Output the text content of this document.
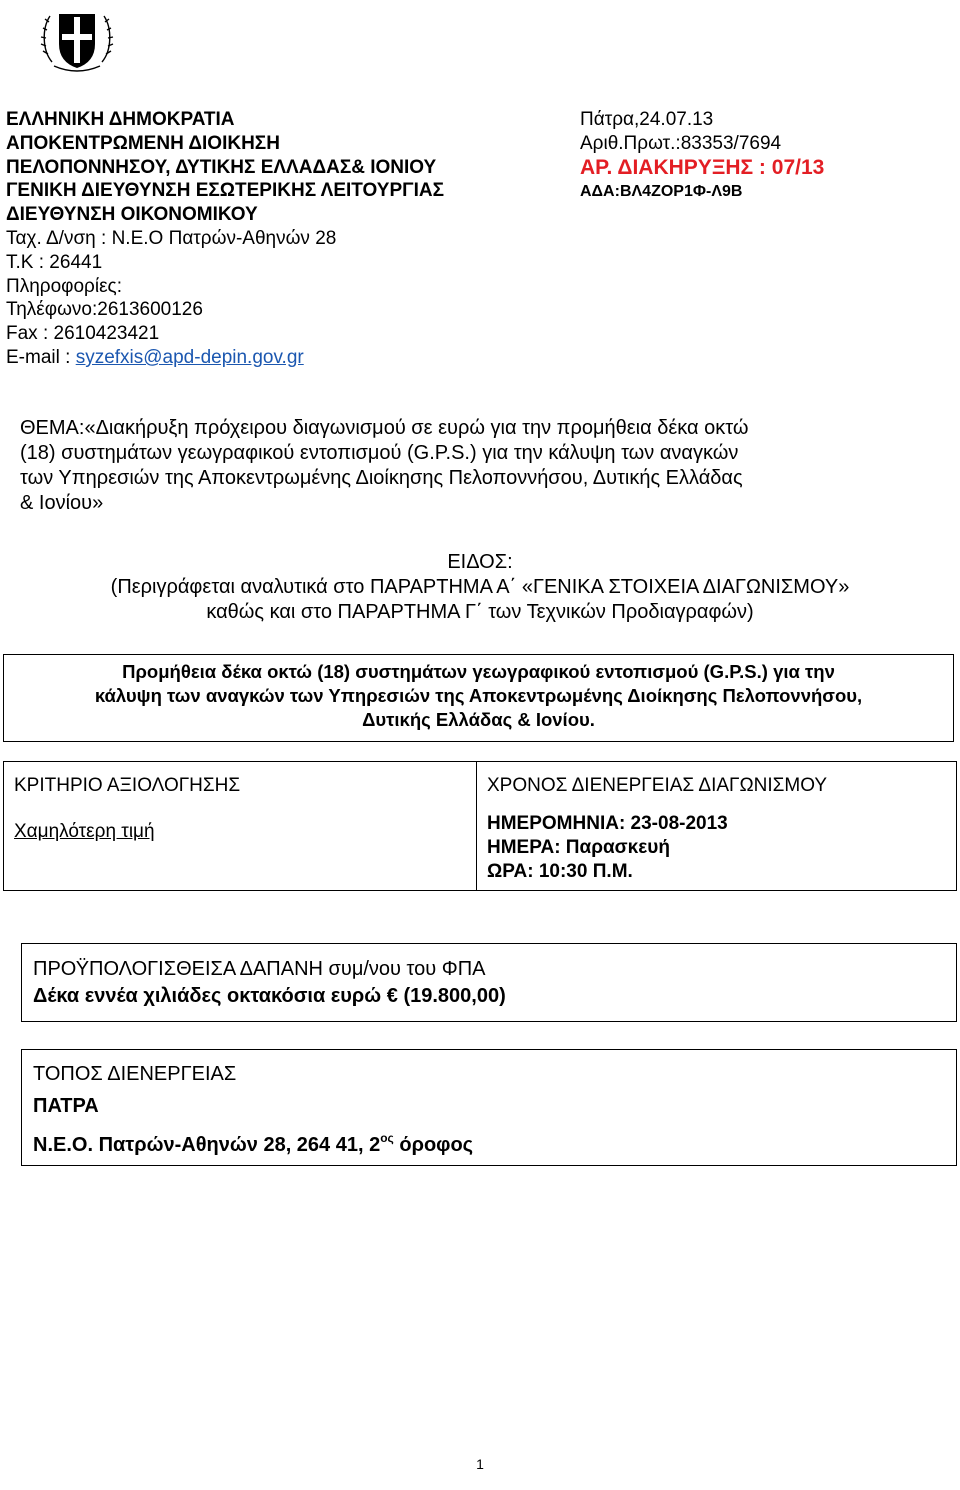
ΕΛΛΗΝΙΚΗ ΔΗΜΟΚΡΑΤΙΑ
ΑΠΟΚΕΝΤΡΩΜΕΝΗ ΔΙΟΙΚΗΣΗ
ΠΕΛΟΠΟΝΝΗΣΟΥ, ΔΥΤΙΚΗΣ ΕΛΛΑΔΑΣ& ΙΟΝΙΟΥ
ΓΕΝΙΚΗ ΔΙΕΥΘΥΝΣΗ ΕΣΩΤΕΡΙΚΗΣ ΛΕΙΤΟΥΡΓΙΑΣ
ΔΙΕΥΘΥΝΣΗ ΟΙΚΟΝΟΜΙΚΟΥ
Ταχ. Δ/νση : Ν.Ε.Ο Πατρών-Αθηνών 28
Τ.Κ : 26441
Πληροφορίες:
Τηλέφωνο:2613600126
Fax : 2610423421
E-mail : syzefxis@apd-depin.gov.gr
Πάτρα,24.07.13
Αριθ.Πρωτ.:83353/7694
ΑΡ. ΔΙΑΚΗΡΥΞΗΣ : 07/13
ΑΔΑ:ΒΛ4ΖΟΡ1Φ-Λ9Β
ΘΕΜΑ:«Διακήρυξη πρόχειρου διαγωνισμού σε ευρώ για την προμήθεια δέκα οκτώ
(18) συστημάτων γεωγραφικού εντοπισμού (G.P.S.) για την κάλυψη των αναγκών
των Υπηρεσιών της Αποκεντρωμένης Διοίκησης Πελοποννήσου, Δυτικής Ελλάδας
& Ιονίου»
ΕΙΔΟΣ:
(Περιγράφεται αναλυτικά στο ΠΑΡΑΡΤΗΜΑ Α΄ «ΓΕΝΙΚΑ ΣΤΟΙΧΕΙΑ ΔΙΑΓΩΝΙΣΜΟΥ»
καθώς και στο ΠΑΡΑΡΤΗΜΑ Γ΄ των Τεχνικών Προδιαγραφών)
Προμήθεια δέκα οκτώ (18) συστημάτων γεωγραφικού εντοπισμού (G.P.S.) για την
κάλυψη των αναγκών των Υπηρεσιών της Αποκεντρωμένης Διοίκησης Πελοποννήσου,
Δυτικής Ελλάδας & Ιονίου.
ΚΡΙΤΗΡΙΟ ΑΞΙΟΛΟΓΗΣΗΣ
Χαμηλότερη τιμή

ΧΡΟΝΟΣ ΔΙΕΝΕΡΓΕΙΑΣ ΔΙΑΓΩΝΙΣΜΟΥ
ΗΜΕΡΟΜΗΝΙΑ: 23-08-2013
ΗΜΕΡΑ: Παρασκευή
ΩΡΑ: 10:30 Π.Μ.
ΠΡΟΫΠΟΛΟΓΙΣΘΕΙΣΑ ΔΑΠΑΝΗ συμ/νου του ΦΠΑ
Δέκα εννέα χιλιάδες οκτακόσια ευρώ € (19.800,00)
ΤΟΠΟΣ ΔΙΕΝΕΡΓΕΙΑΣ
ΠΑΤΡΑ
Ν.Ε.Ο. Πατρών-Αθηνών 28, 264 41, $2^{o\varsigma}$ όροφος
1
